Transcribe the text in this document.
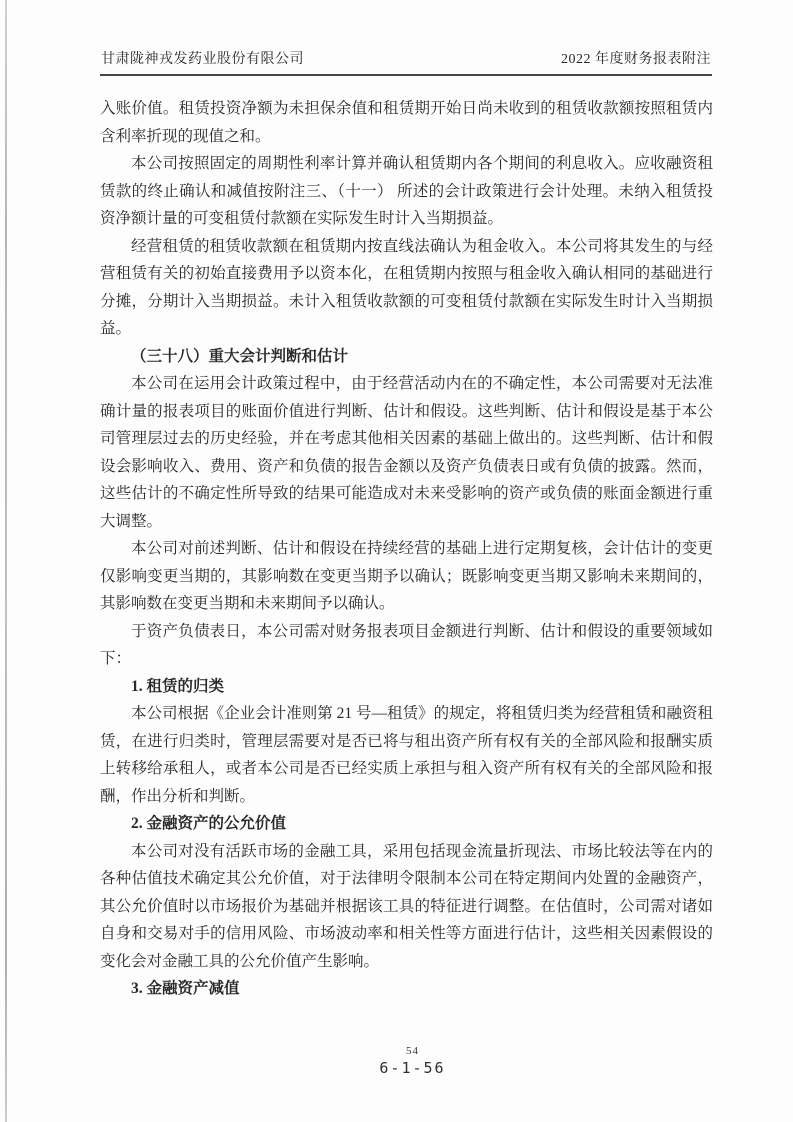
甘肃陇神戎发药业股份有限公司	2022 年度财务报表附注

入账价值。租赁投资净额为未担保余值和租赁期开始日尚未收到的租赁收款额按照租赁内含利率折现的现值之和。

本公司按照固定的周期性利率计算并确认租赁期内各个期间的利息收入。应收融资租赁款的终止确认和减值按附注三、（十一） 所述的会计政策进行会计处理。未纳入租赁投资净额计量的可变租赁付款额在实际发生时计入当期损益。

经营租赁的租赁收款额在租赁期内按直线法确认为租金收入。本公司将其发生的与经营租赁有关的初始直接费用予以资本化，在租赁期内按照与租金收入确认相同的基础进行分摊，分期计入当期损益。未计入租赁收款额的可变租赁付款额在实际发生时计入当期损益。

（三十八）重大会计判断和估计

本公司在运用会计政策过程中，由于经营活动内在的不确定性，本公司需要对无法准确计量的报表项目的账面价值进行判断、估计和假设。这些判断、估计和假设是基于本公司管理层过去的历史经验，并在考虑其他相关因素的基础上做出的。这些判断、估计和假设会影响收入、费用、资产和负债的报告金额以及资产负债表日或有负债的披露。然而，这些估计的不确定性所导致的结果可能造成对未来受影响的资产或负债的账面金额进行重大调整。

本公司对前述判断、估计和假设在持续经营的基础上进行定期复核，会计估计的变更仅影响变更当期的，其影响数在变更当期予以确认；既影响变更当期又影响未来期间的，其影响数在变更当期和未来期间予以确认。

于资产负债表日，本公司需对财务报表项目金额进行判断、估计和假设的重要领域如下：

1. 租赁的归类

本公司根据《企业会计准则第 21 号—租赁》的规定，将租赁归类为经营租赁和融资租赁，在进行归类时，管理层需要对是否已将与租出资产所有权有关的全部风险和报酬实质上转移给承租人，或者本公司是否已经实质上承担与租入资产所有权有关的全部风险和报酬，作出分析和判断。

2. 金融资产的公允价值

本公司对没有活跃市场的金融工具，采用包括现金流量折现法、市场比较法等在内的各种估值技术确定其公允价值，对于法律明令限制本公司在特定期间内处置的金融资产，其公允价值时以市场报价为基础并根据该工具的特征进行调整。在估值时，公司需对诸如自身和交易对手的信用风险、市场波动率和相关性等方面进行估计，这些相关因素假设的变化会对金融工具的公允价值产生影响。

3. 金融资产减值

54
6-1-56
